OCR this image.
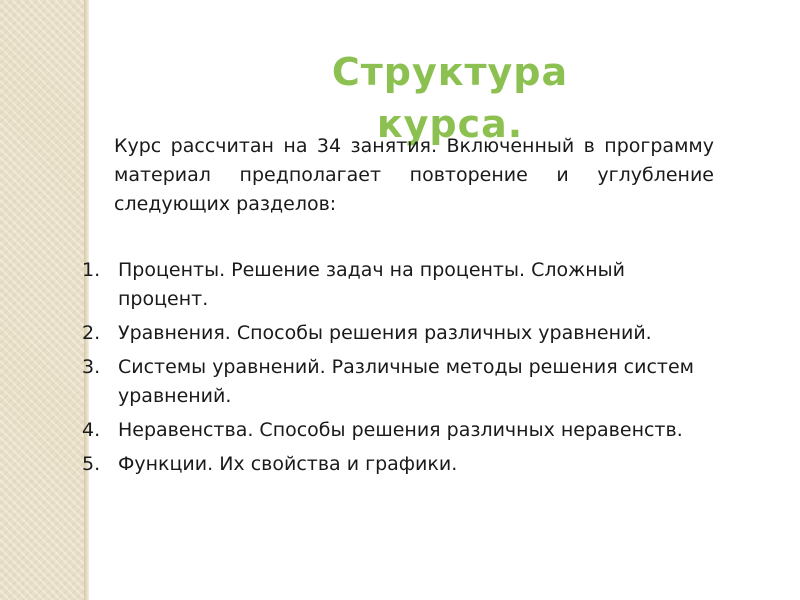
Структура курса.

Курс рассчитан на 34 занятия. Включенный в программу материал предполагает повторение и углубление следующих разделов:

1. Проценты. Решение задач на проценты. Сложный процент.
2. Уравнения. Способы решения различных уравнений.
3. Системы уравнений. Различные методы решения систем уравнений.
4. Неравенства. Способы решения различных неравенств.
5. Функции. Их свойства и графики.
